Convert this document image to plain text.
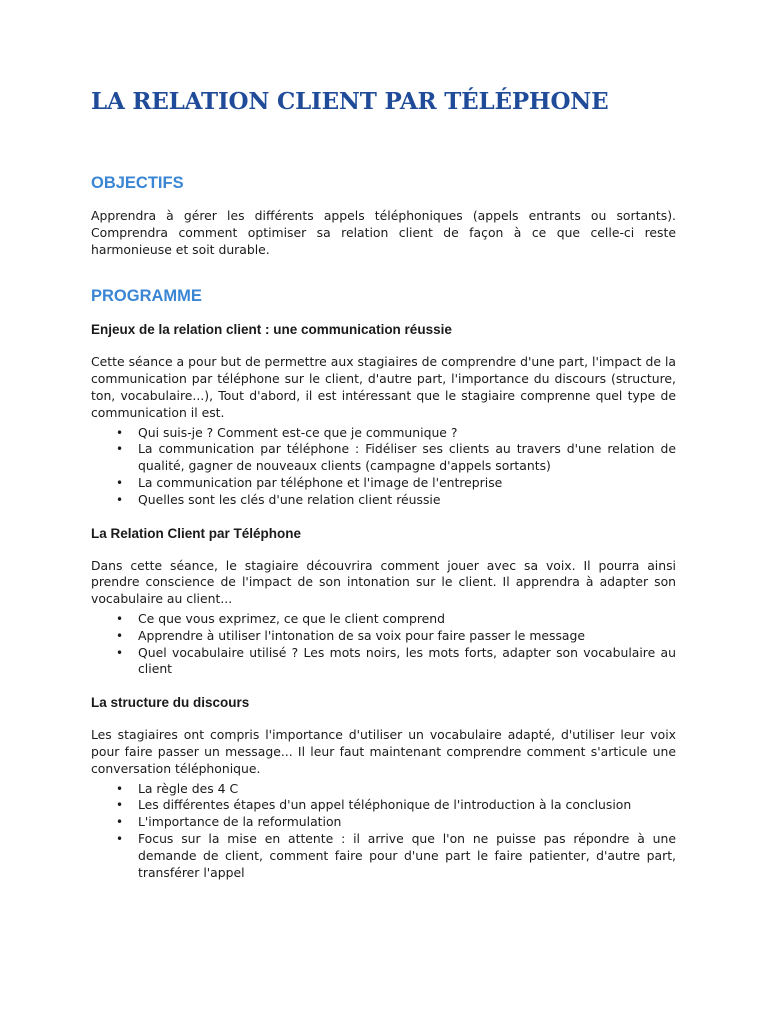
LA RELATION CLIENT PAR TÉLÉPHONE
OBJECTIFS

Apprendra à gérer les différents appels téléphoniques (appels entrants ou sortants). Comprendra comment optimiser sa relation client de façon à ce que celle-ci reste harmonieuse et soit durable.

PROGRAMME
Enjeux de la relation client : une communication réussie

Cette séance a pour but de permettre aux stagiaires de comprendre d'une part, l'impact de la communication par téléphone sur le client, d'autre part, l'importance du discours (structure, ton, vocabulaire...), Tout d'abord, il est intéressant que le stagiaire comprenne quel type de communication il est.

• Qui suis-je ? Comment est-ce que je communique ?
• La communication par téléphone : Fidéliser ses clients au travers d'une relation de qualité, gagner de nouveaux clients (campagne d'appels sortants)
• La communication par téléphone et l'image de l'entreprise
• Quelles sont les clés d'une relation client réussie
La Relation Client par Téléphone

Dans cette séance, le stagiaire découvrira comment jouer avec sa voix. Il pourra ainsi prendre conscience de l'impact de son intonation sur le client. Il apprendra à adapter son vocabulaire au client...

• Ce que vous exprimez, ce que le client comprend
• Apprendre à utiliser l'intonation de sa voix pour faire passer le message
• Quel vocabulaire utilisé ? Les mots noirs, les mots forts, adapter son vocabulaire au client
La structure du discours

Les stagiaires ont compris l'importance d'utiliser un vocabulaire adapté, d'utiliser leur voix pour faire passer un message... Il leur faut maintenant comprendre comment s'articule une conversation téléphonique.

• La règle des 4 C
• Les différentes étapes d'un appel téléphonique de l'introduction à la conclusion
• L'importance de la reformulation
• Focus sur la mise en attente : il arrive que l'on ne puisse pas répondre à une demande de client, comment faire pour d'une part le faire patienter, d'autre part, transférer l'appel
